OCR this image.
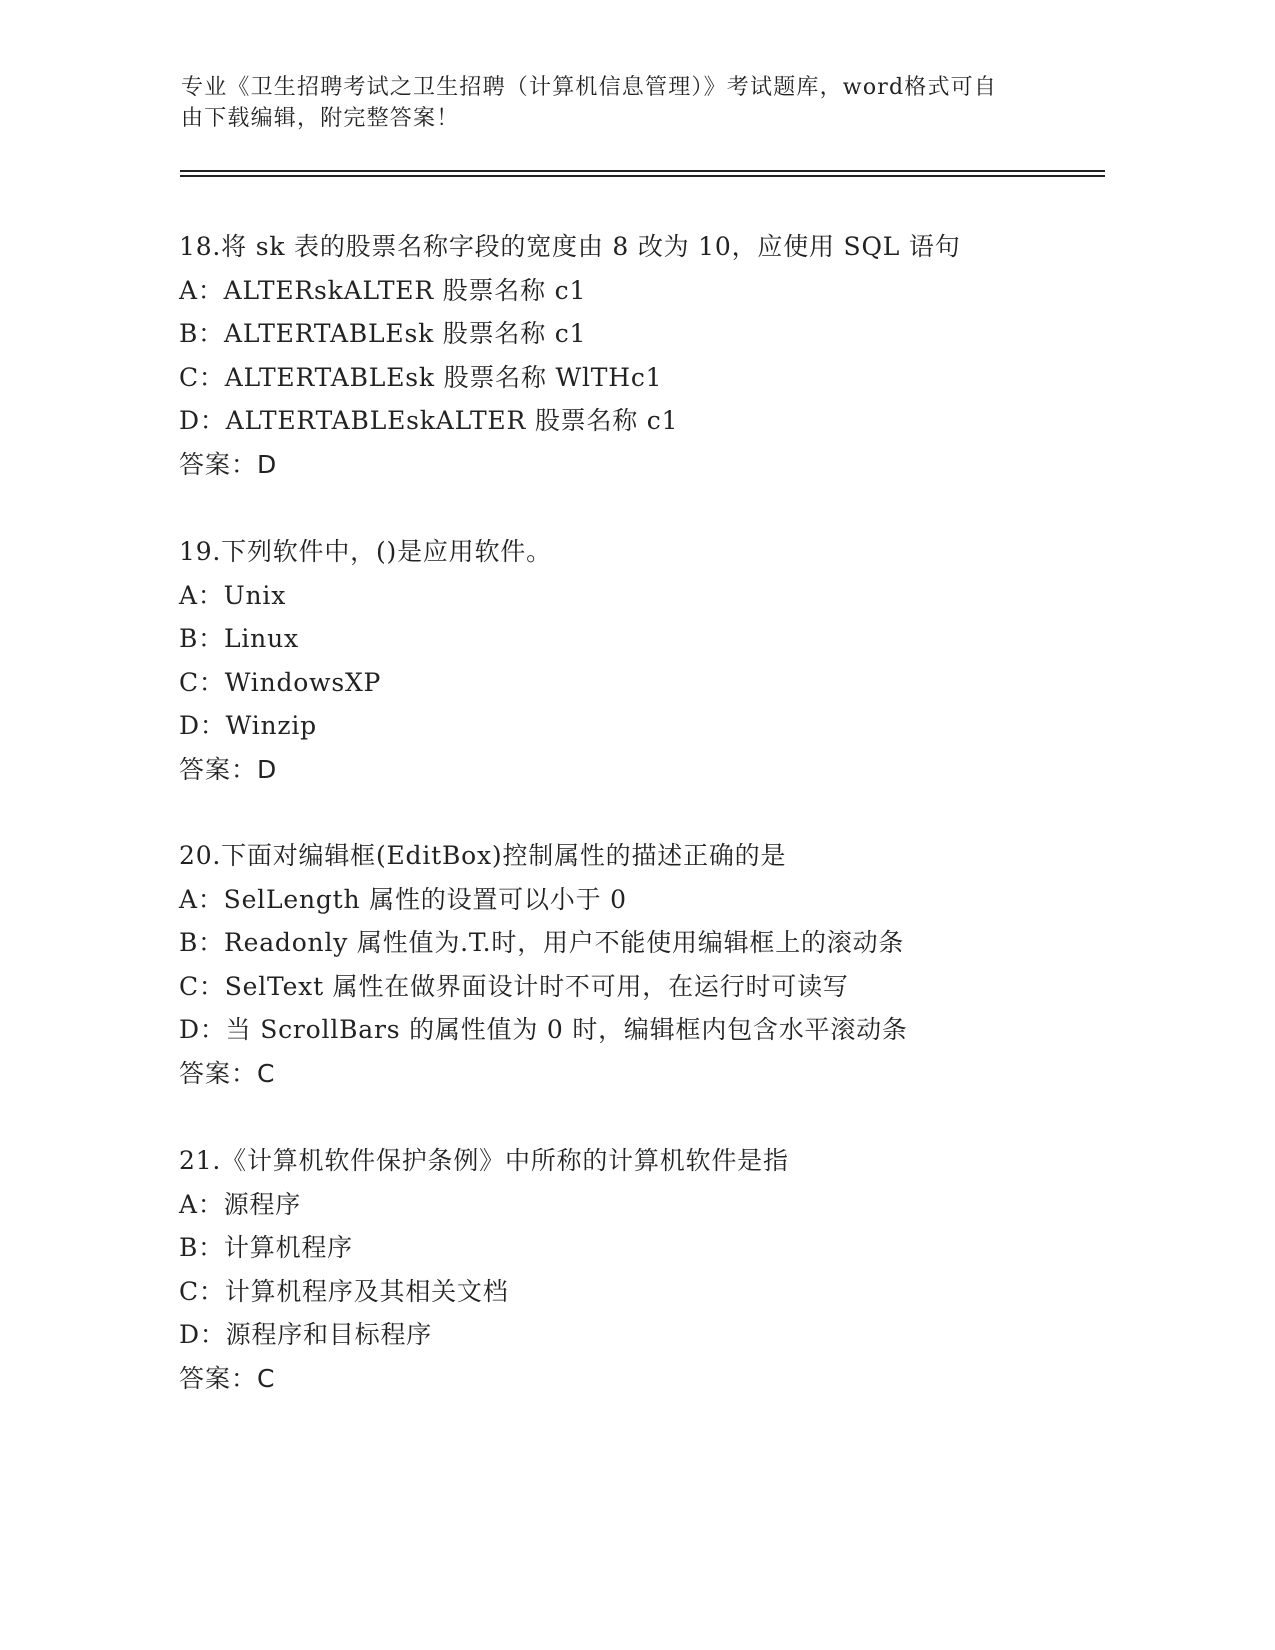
专业《卫生招聘考试之卫生招聘（计算机信息管理）》考试题库，word格式可自
由下载编辑，附完整答案！
18.将 sk 表的股票名称字段的宽度由 8 改为 10，应使用 SQL 语句
A：ALTERskALTER 股票名称 c1
B：ALTERTABLEsk 股票名称 c1
C：ALTERTABLEsk 股票名称 WlTHc1
D：ALTERTABLEskALTER 股票名称 c1
答案：D
19.下列软件中，()是应用软件。
A：Unix
B：Linux
C：WindowsXP
D：Winzip
答案：D
20.下面对编辑框(EditBox)控制属性的描述正确的是
A：SelLength 属性的设置可以小于 0
B：Readonly 属性值为.T.时，用户不能使用编辑框上的滚动条
C：SelText 属性在做界面设计时不可用，在运行时可读写
D：当 ScrollBars 的属性值为 0 时，编辑框内包含水平滚动条
答案：C
21.《计算机软件保护条例》中所称的计算机软件是指
A：源程序
B：计算机程序
C：计算机程序及其相关文档
D：源程序和目标程序
答案：C
